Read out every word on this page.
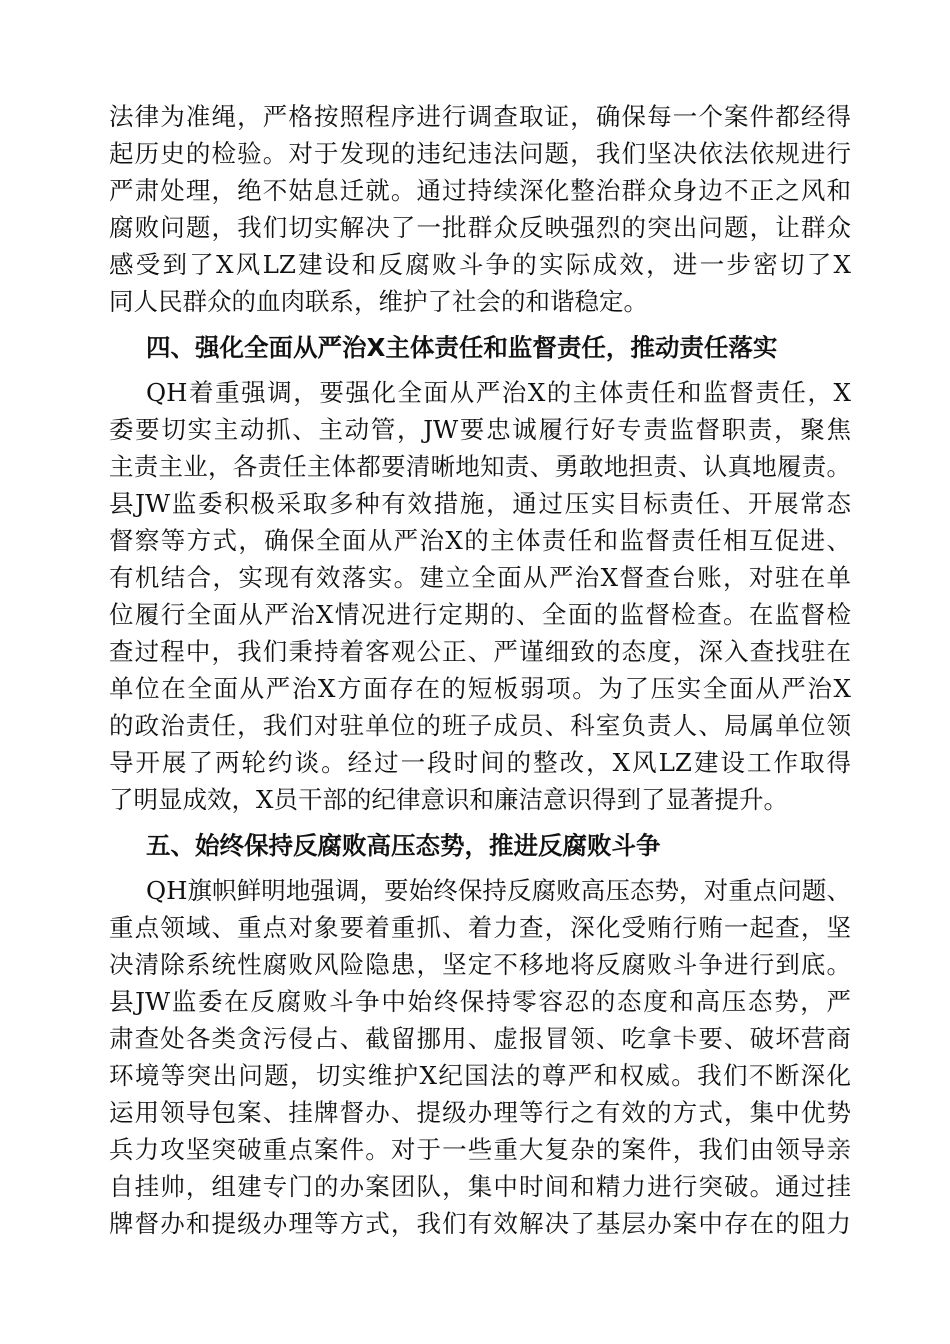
法律为准绳，严格按照程序进行调查取证，确保每一个案件都经得
起历史的检验。对于发现的违纪违法问题，我们坚决依法依规进行
严肃处理，绝不姑息迁就。通过持续深化整治群众身边不正之风和
腐败问题，我们切实解决了一批群众反映强烈的突出问题，让群众
感受到了X风LZ建设和反腐败斗争的实际成效，进一步密切了X
同人民群众的血肉联系，维护了社会的和谐稳定。
四、强化全面从严治X主体责任和监督责任，推动责任落实
QH着重强调，要强化全面从严治X的主体责任和监督责任，X
委要切实主动抓、主动管，JW要忠诚履行好专责监督职责，聚焦
主责主业，各责任主体都要清晰地知责、勇敢地担责、认真地履责。
县JW监委积极采取多种有效措施，通过压实目标责任、开展常态
督察等方式，确保全面从严治X的主体责任和监督责任相互促进、
有机结合，实现有效落实。建立全面从严治X督查台账，对驻在单
位履行全面从严治X情况进行定期的、全面的监督检查。在监督检
查过程中，我们秉持着客观公正、严谨细致的态度，深入查找驻在
单位在全面从严治X方面存在的短板弱项。为了压实全面从严治X
的政治责任，我们对驻单位的班子成员、科室负责人、局属单位领
导开展了两轮约谈。经过一段时间的整改，X风LZ建设工作取得
了明显成效，X员干部的纪律意识和廉洁意识得到了显著提升。
五、始终保持反腐败高压态势，推进反腐败斗争
QH旗帜鲜明地强调，要始终保持反腐败高压态势，对重点问题、
重点领域、重点对象要着重抓、着力查，深化受贿行贿一起查，坚
决清除系统性腐败风险隐患，坚定不移地将反腐败斗争进行到底。
县JW监委在反腐败斗争中始终保持零容忍的态度和高压态势，严
肃查处各类贪污侵占、截留挪用、虚报冒领、吃拿卡要、破坏营商
环境等突出问题，切实维护X纪国法的尊严和权威。我们不断深化
运用领导包案、挂牌督办、提级办理等行之有效的方式，集中优势
兵力攻坚突破重点案件。对于一些重大复杂的案件，我们由领导亲
自挂帅，组建专门的办案团队，集中时间和精力进行突破。通过挂
牌督办和提级办理等方式，我们有效解决了基层办案中存在的阻力
